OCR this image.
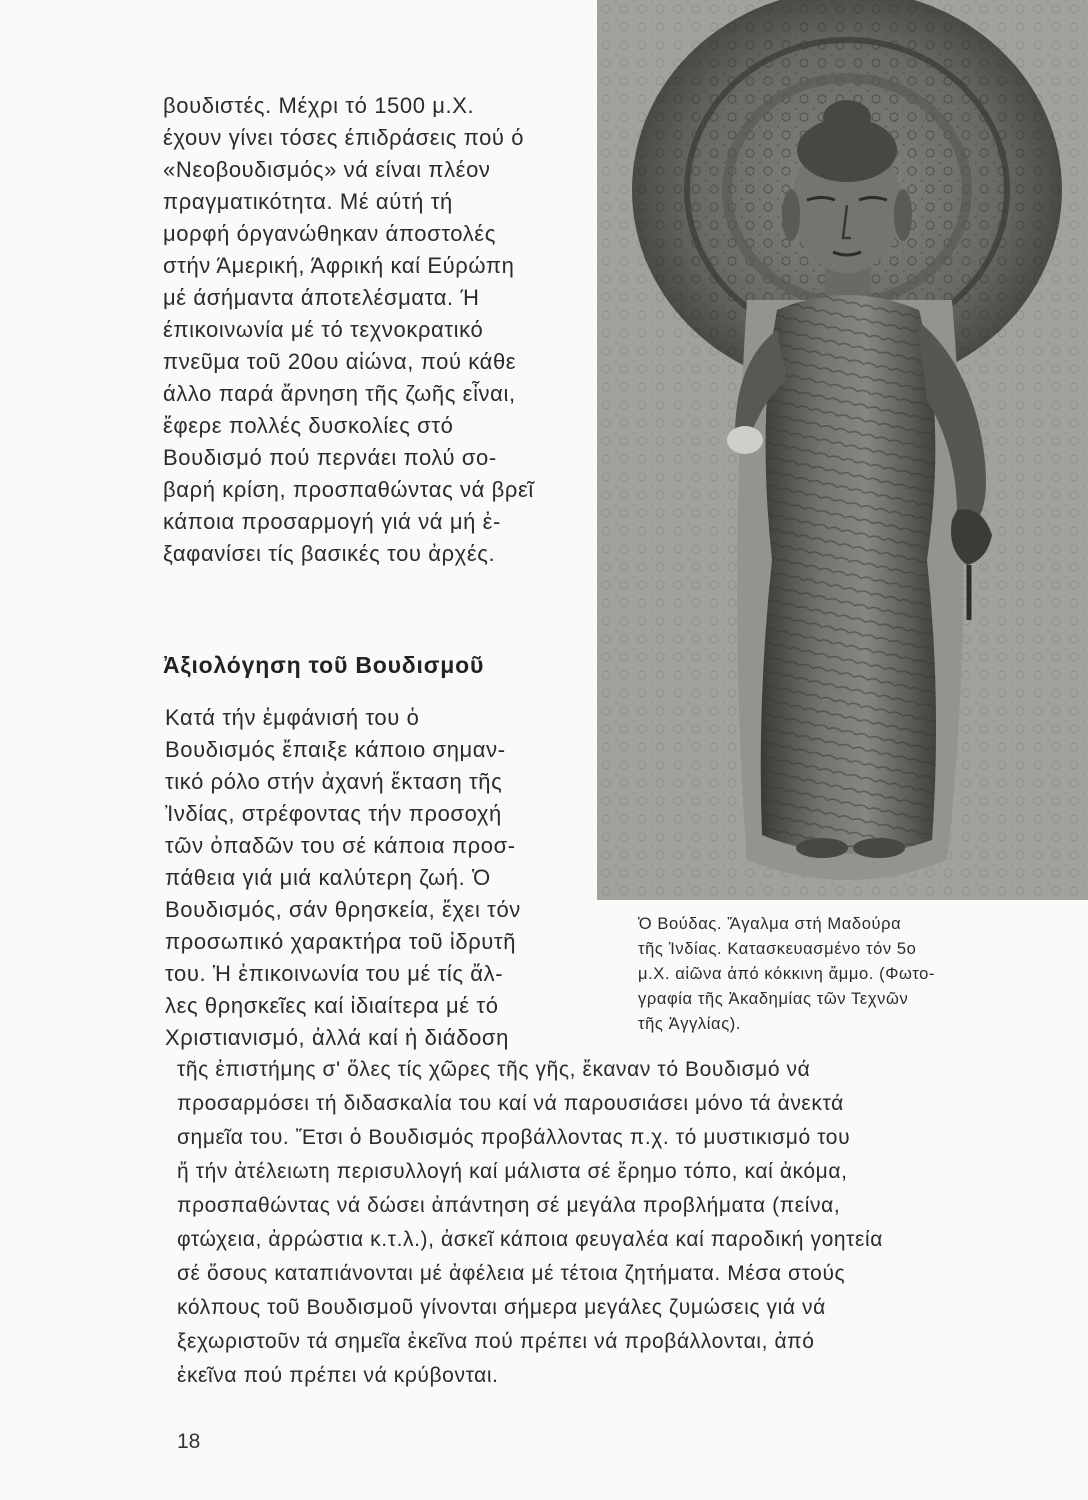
βουδιστές. Μέχρι τό 1500 μ.Χ.
έχουν γίνει τόσες έπιδράσεις πού ό
«Νεοβουδισμός» νά είναι πλέον
πραγματικότητα. Μέ αύτή τή
μορφή όργανώθηκαν άποστολές
στήν Άμερική, Άφρική καί Εύρώπη
μέ άσήμαντα άποτελέσματα. Ή
έπικοινωνία μέ τό τεχνοκρατικό
πνεῦμα τοῦ 20ου αἰώνα, πού κάθε
άλλο παρά ἄρνηση τῆς ζωῆς εἶναι,
ἔφερε πολλές δυσκολίες στό
Βουδισμό πού περνάει πολύ σο-
βαρή κρίση, προσπαθώντας νά βρεῖ
κάποια προσαρμογή γιά νά μή ἐ-
ξαφανίσει τίς βασικές του ἀρχές.
Ἀξιολόγηση τοῦ Βουδισμοῦ
Κατά τήν ἐμφάνισή του ὁ
Βουδισμός ἔπαιξε κάποιο σημαν-
τικό ρόλο στήν ἀχανή ἔκταση τῆς
Ἰνδίας, στρέφοντας τήν προσοχή
τῶν ὀπαδῶν του σέ κάποια προσ-
πάθεια γιά μιά καλύτερη ζωή. Ὁ
Βουδισμός, σάν θρησκεία, ἔχει τόν
προσωπικό χαρακτήρα τοῦ ἱδρυτῆ
του. Ἡ ἐπικοινωνία του μέ τίς ἄλ-
λες θρησκεῖες καί ἰδιαίτερα μέ τό
Χριστιανισμό, ἀλλά καί ἡ διάδοση
τῆς ἐπιστήμης σ' ὅλες τίς χῶρες τῆς γῆς, ἔκαναν τό Βουδισμό νά
προσαρμόσει τή διδασκαλία του καί νά παρουσιάσει μόνο τά ἀνεκτά
σημεῖα του. Ἔτσι ὁ Βουδισμός προβάλλοντας π.χ. τό μυστικισμό του
ἤ τήν ἀτέλειωτη περισυλλογή καί μάλιστα σέ ἔρημο τόπο, καί ἀκόμα,
προσπαθώντας νά δώσει ἀπάντηση σέ μεγάλα προβλήματα (πείνα,
φτώχεια, ἀρρώστια κ.τ.λ.), ἀσκεῖ κάποια φευγαλέα καί παροδική γοητεία
σέ ὅσους καταπιάνονται μέ ἀφέλεια μέ τέτοια ζητήματα. Μέσα στούς
κόλπους τοῦ Βουδισμοῦ γίνονται σήμερα μεγάλες ζυμώσεις γιά νά
ξεχωριστοῦν τά σημεῖα ἐκεῖνα πού πρέπει νά προβάλλονται, ἀπό
ἐκεῖνα πού πρέπει νά κρύβονται.
Ὁ Βούδας. Ἄγαλμα στή Μαδούρα
τῆς Ἰνδίας. Κατασκευασμένο τόν 5ο
μ.Χ. αἰῶνα ἀπό κόκκινη ἄμμο. (Φωτο-
γραφία τῆς Ἀκαδημίας τῶν Τεχνῶν
τῆς Ἀγγλίας).
18
